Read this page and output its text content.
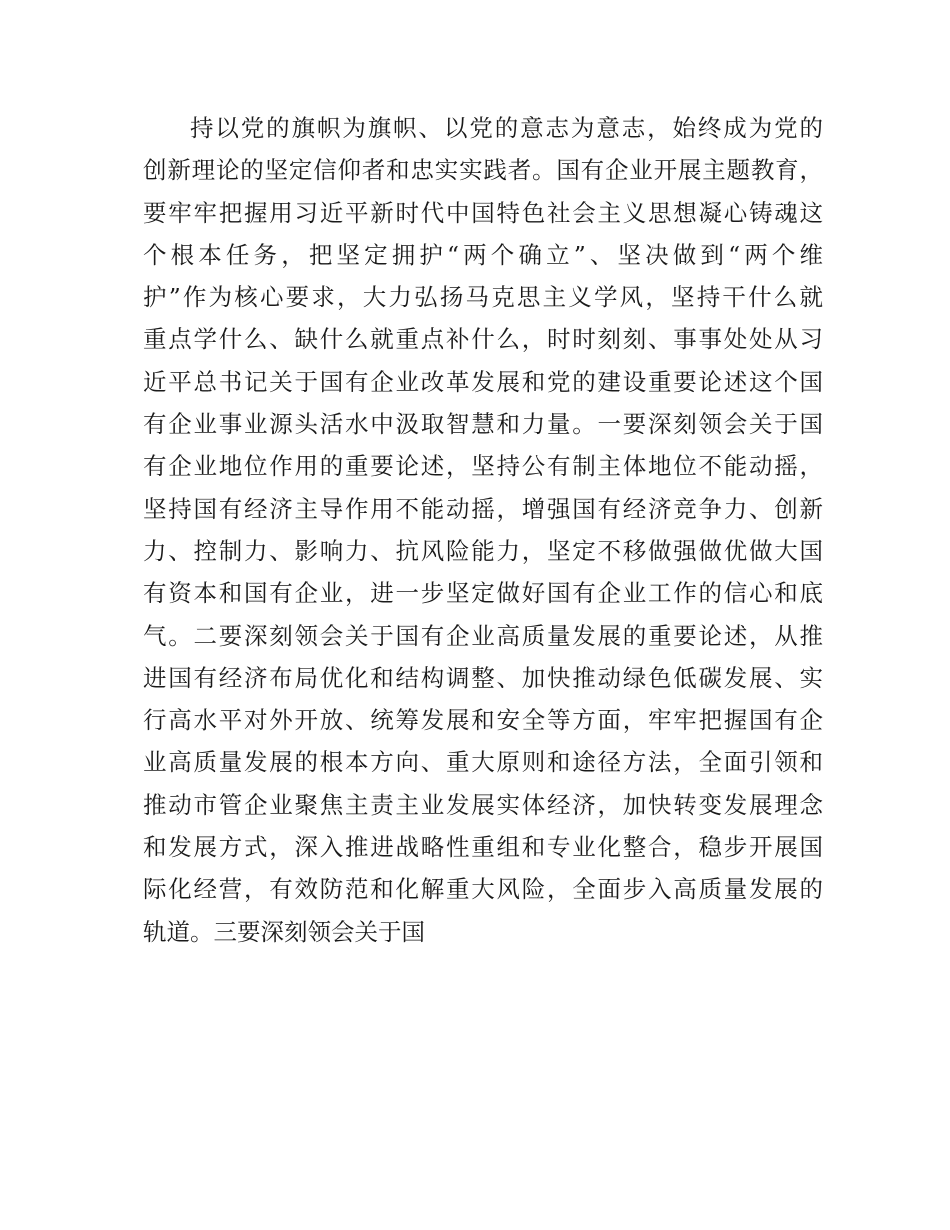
持以党的旗帜为旗帜、以党的意志为意志，始终成为党的
创新理论的坚定信仰者和忠实实践者。国有企业开展主题教育，
要牢牢把握用习近平新时代中国特色社会主义思想凝心铸魂这
个根本任务，把坚定拥护“两个确立”、坚决做到“两个维
护”作为核心要求，大力弘扬马克思主义学风，坚持干什么就
重点学什么、缺什么就重点补什么，时时刻刻、事事处处从习
近平总书记关于国有企业改革发展和党的建设重要论述这个国
有企业事业源头活水中汲取智慧和力量。一要深刻领会关于国
有企业地位作用的重要论述，坚持公有制主体地位不能动摇，
坚持国有经济主导作用不能动摇，增强国有经济竞争力、创新
力、控制力、影响力、抗风险能力，坚定不移做强做优做大国
有资本和国有企业，进一步坚定做好国有企业工作的信心和底
气。二要深刻领会关于国有企业高质量发展的重要论述，从推
进国有经济布局优化和结构调整、加快推动绿色低碳发展、实
行高水平对外开放、统筹发展和安全等方面，牢牢把握国有企
业高质量发展的根本方向、重大原则和途径方法，全面引领和
推动市管企业聚焦主责主业发展实体经济，加快转变发展理念
和发展方式，深入推进战略性重组和专业化整合，稳步开展国
际化经营，有效防范和化解重大风险，全面步入高质量发展的
轨道。三要深刻领会关于国
